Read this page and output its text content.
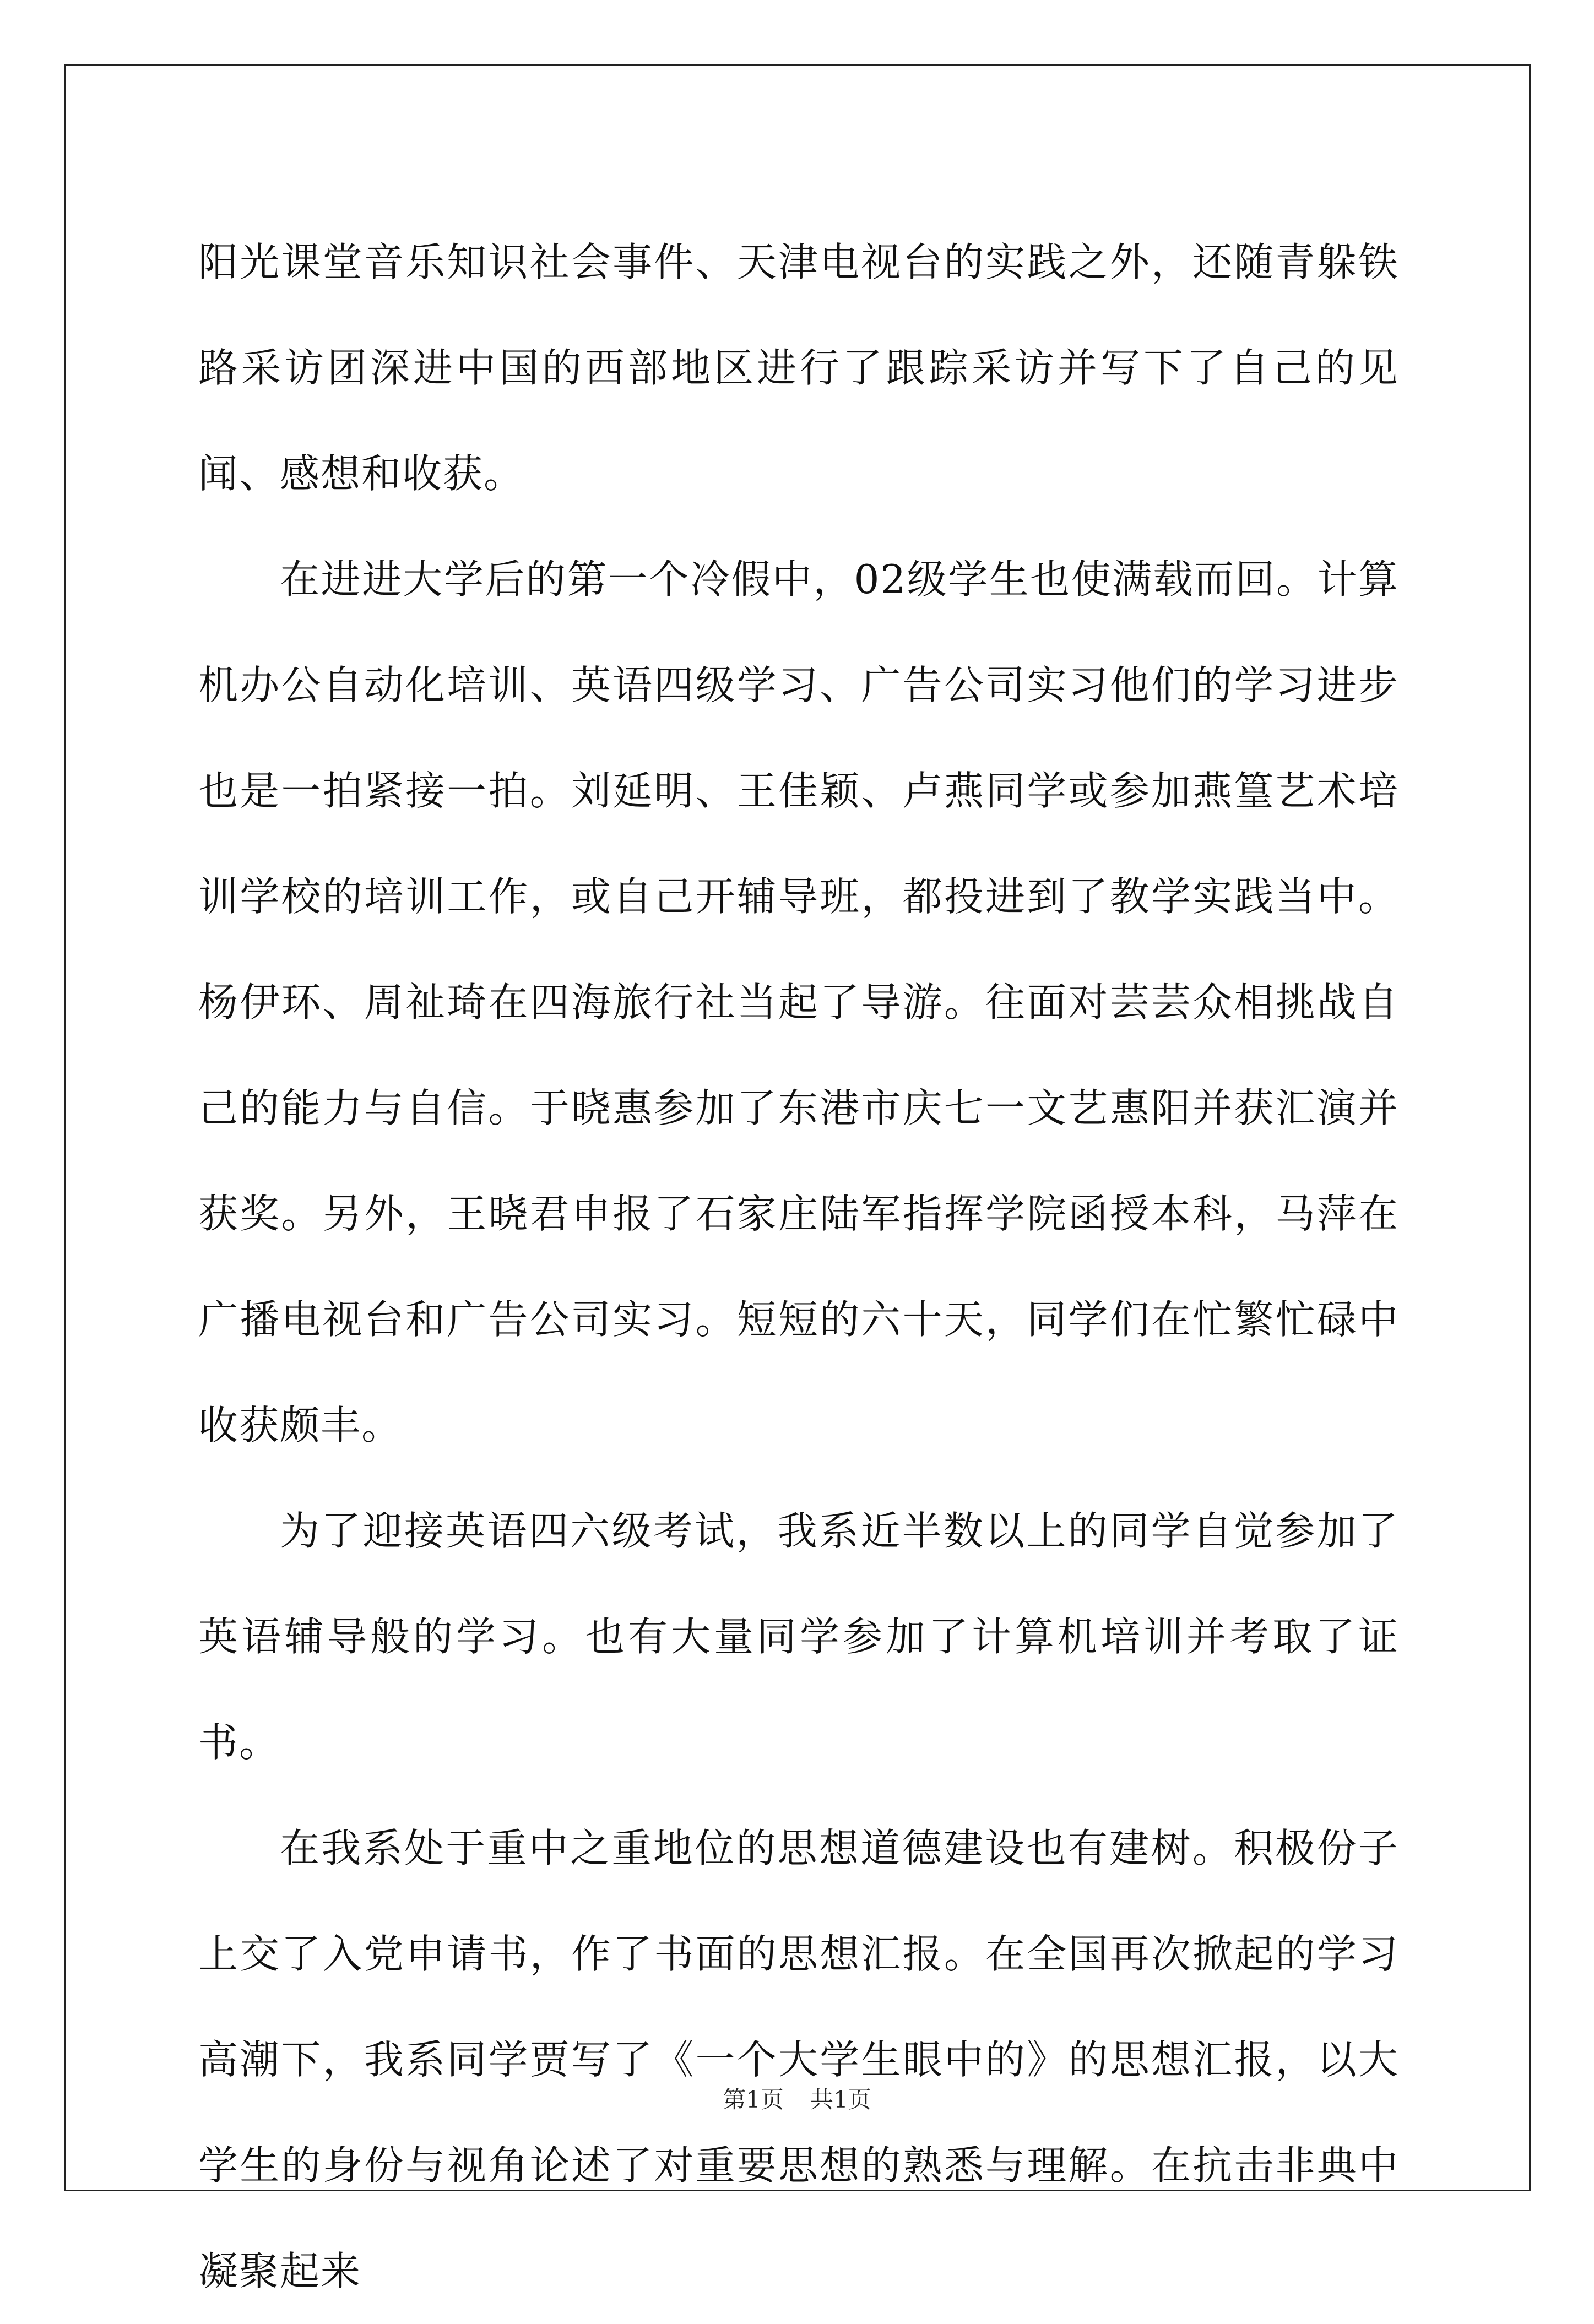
阳光课堂音乐知识社会事件、天津电视台的实践之外，还随青躲铁路采访团深进中国的西部地区进行了跟踪采访并写下了自己的见闻、感想和收获。

在进进大学后的第一个冷假中，02级学生也使满载而回。计算机办公自动化培训、英语四级学习、广告公司实习他们的学习进步也是一拍紧接一拍。刘延明、王佳颖、卢燕同学或参加燕篁艺术培训学校的培训工作，或自己开辅导班，都投进到了教学实践当中。杨伊环、周祉琦在四海旅行社当起了导游。往面对芸芸众相挑战自己的能力与自信。于晓惠参加了东港市庆七一文艺惠阳并获汇演并获奖。另外，王晓君申报了石家庄陆军指挥学院函授本科，马萍在广播电视台和广告公司实习。短短的六十天，同学们在忙繁忙碌中收获颇丰。

为了迎接英语四六级考试，我系近半数以上的同学自觉参加了英语辅导般的学习。也有大量同学参加了计算机培训并考取了证书。

在我系处于重中之重地位的思想道德建设也有建树。积极份子上交了入党申请书，作了书面的思想汇报。在全国再次掀起的学习高潮下，我系同学贾写了《一个大学生眼中的》的思想汇报，以大学生的身份与视角论述了对重要思想的熟悉与理解。在抗击非典中凝聚起来

第1页 共1页
